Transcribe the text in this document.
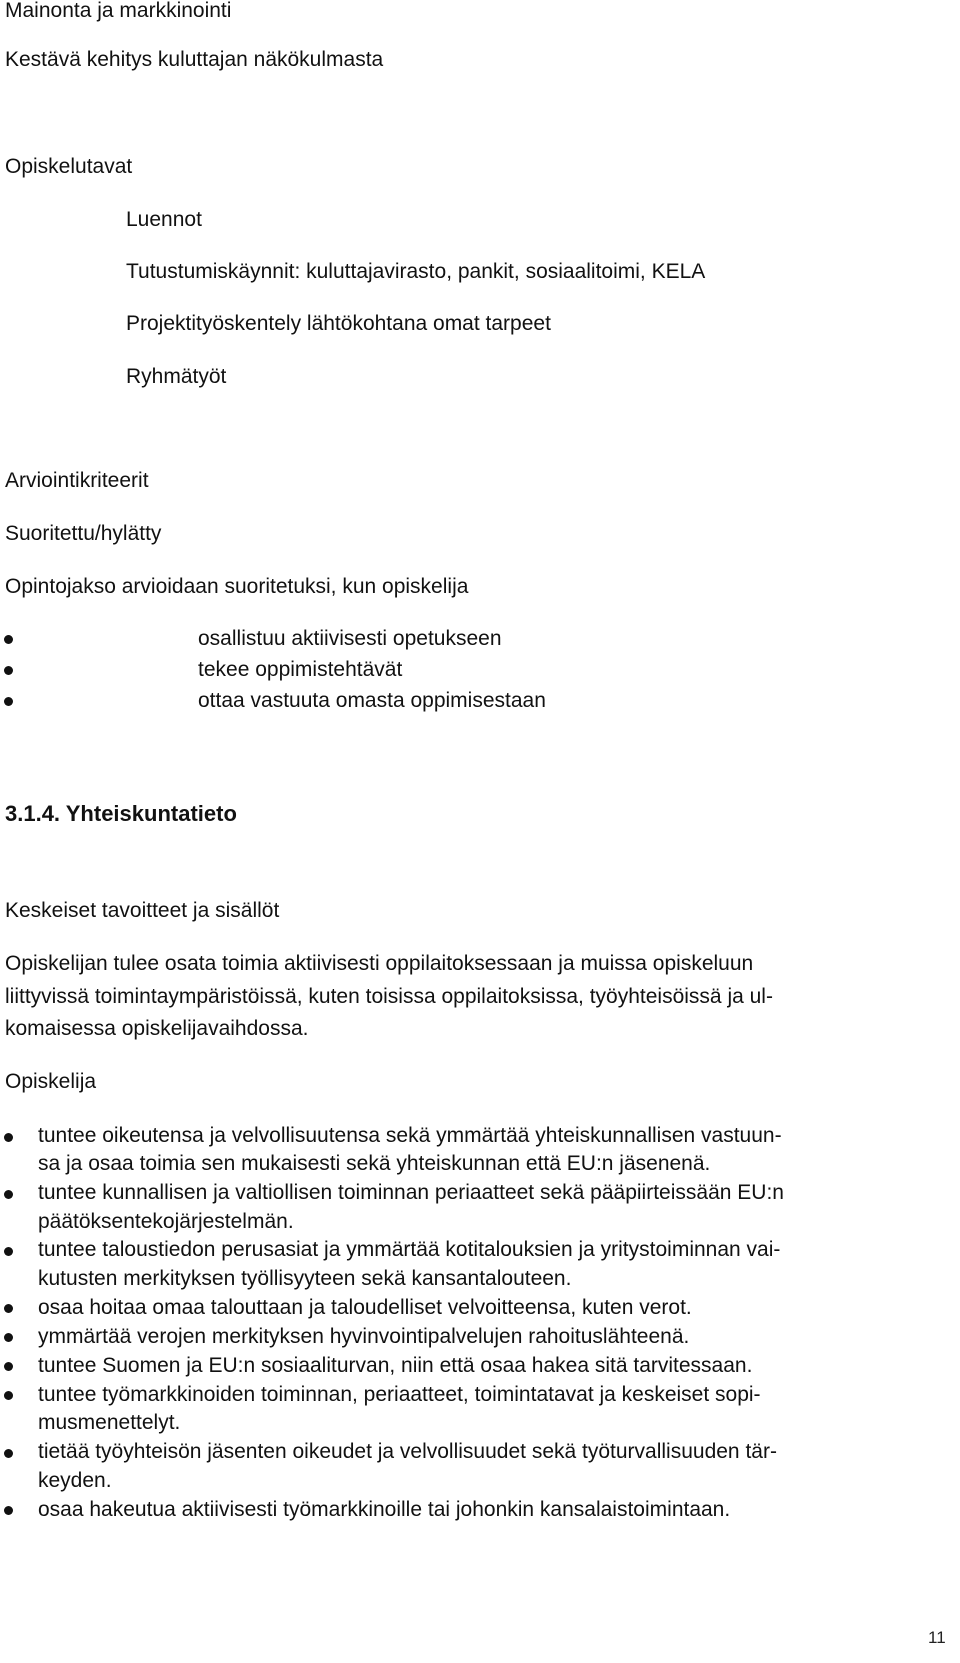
Mainonta ja markkinointi
Kestävä kehitys kuluttajan näkökulmasta
Opiskelutavat
Luennot
Tutustumiskäynnit: kuluttajavirasto, pankit, sosiaalitoimi, KELA
Projektityöskentely lähtökohtana omat tarpeet
Ryhmätyöt
Arviointikriteerit
Suoritettu/hylätty
Opintojakso arvioidaan suoritetuksi, kun opiskelija
osallistuu aktiivisesti opetukseen
tekee oppimistehtävät
ottaa vastuuta omasta oppimisestaan
3.1.4. Yhteiskuntatieto
Keskeiset tavoitteet ja sisällöt
Opiskelijan tulee osata toimia aktiivisesti oppilaitoksessaan ja muissa opiskeluun
liittyvissä toimintaympäristöissä, kuten toisissa oppilaitoksissa, työyhteisöissä ja ul-
komaisessa opiskelijavaihdossa.
Opiskelija
tuntee oikeutensa ja velvollisuutensa sekä ymmärtää yhteiskunnallisen vastuun-
sa ja osaa toimia sen mukaisesti sekä yhteiskunnan että EU:n jäsenenä.
tuntee kunnallisen ja valtiollisen toiminnan periaatteet sekä pääpiirteissään EU:n
päätöksentekojärjestelmän.
tuntee taloustiedon perusasiat ja ymmärtää kotitalouksien ja yritystoiminnan vai-
kutusten merkityksen työllisyyteen sekä kansantalouteen.
osaa hoitaa omaa talouttaan ja taloudelliset velvoitteensa, kuten verot.
ymmärtää verojen merkityksen hyvinvointipalvelujen rahoituslähteenä.
tuntee Suomen ja EU:n sosiaaliturvan, niin että osaa hakea sitä tarvitessaan.
tuntee työmarkkinoiden toiminnan, periaatteet, toimintatavat ja keskeiset sopi-
musmenettelyt.
tietää työyhteisön jäsenten oikeudet ja velvollisuudet sekä työturvallisuuden tär-
keyden.
osaa hakeutua aktiivisesti työmarkkinoille tai johonkin kansalaistoimintaan.
11
